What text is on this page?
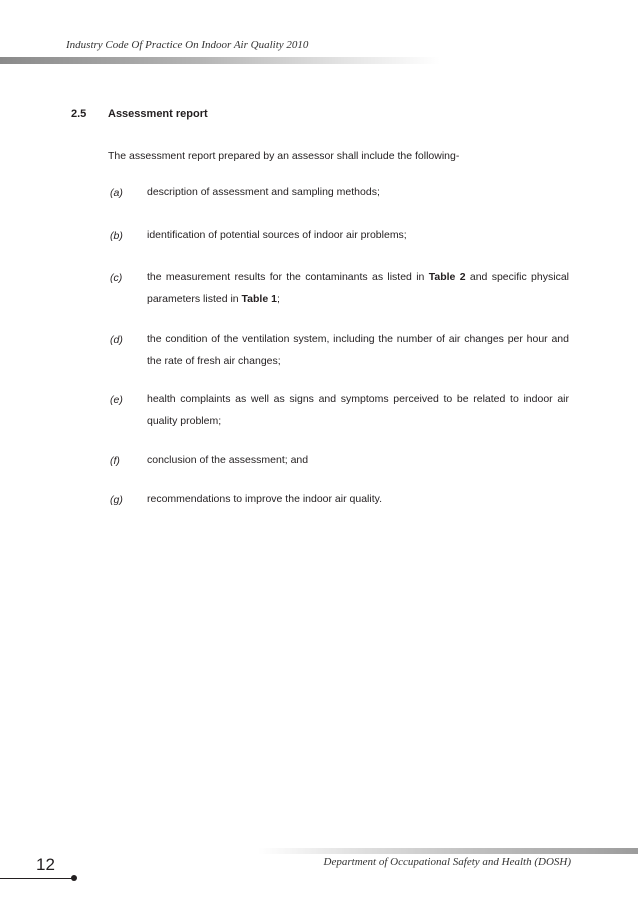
Industry Code Of Practice On Indoor Air Quality 2010
2.5 Assessment report
The assessment report prepared by an assessor shall include the following-
(a) description of assessment and sampling methods;
(b) identification of potential sources of indoor air problems;
(c) the measurement results for the contaminants as listed in Table 2 and specific physical parameters listed in Table 1;
(d) the condition of the ventilation system, including the number of air changes per hour and the rate of fresh air changes;
(e) health complaints as well as signs and symptoms perceived to be related to indoor air quality problem;
(f)	conclusion of the assessment; and
(g) recommendations to improve the indoor air quality.
12	Department of Occupational Safety and Health (DOSH)
